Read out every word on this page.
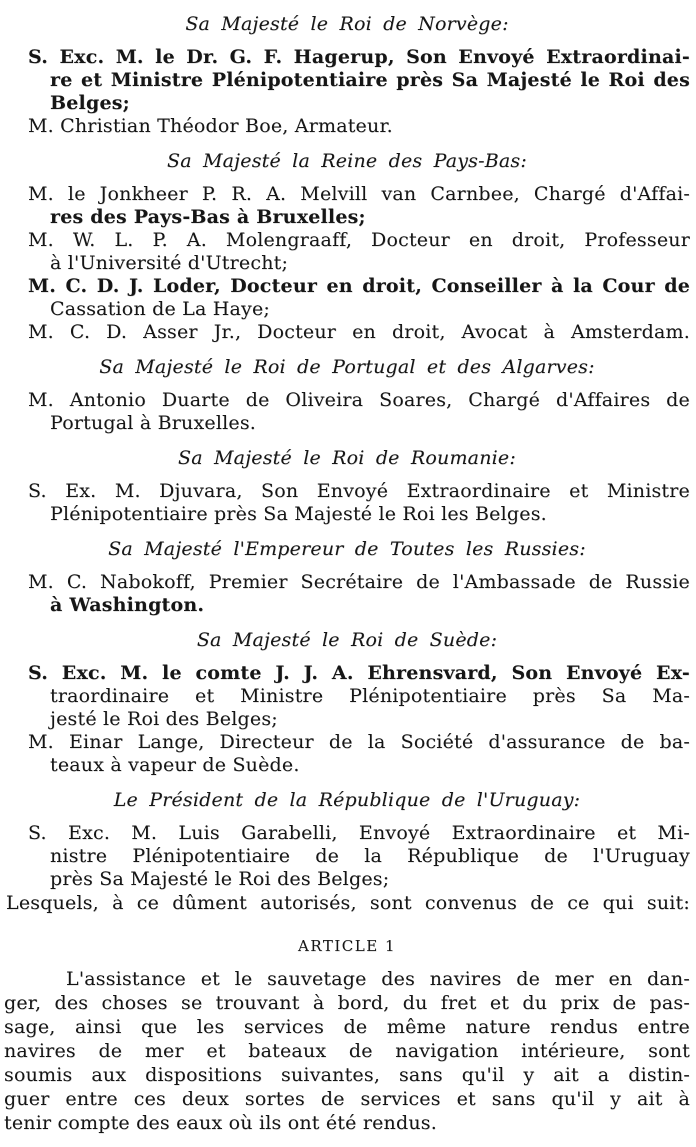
Sa Majesté le Roi de Norvège:
S. Exc. M. le Dr. G. F. Hagerup, Son Envoyé Extraordinai-
re et Ministre Plénipotentiaire près Sa Majesté le Roi des
Belges;
M. Christian Théodor Boe, Armateur.
Sa Majesté la Reine des Pays-Bas:
M. le Jonkheer P. R. A. Melvill van Carnbee, Chargé d'Affai-
res des Pays-Bas à Bruxelles;
M. W. L. P. A. Molengraaff, Docteur en droit, Professeur
à l'Université d'Utrecht;
M. C. D. J. Loder, Docteur en droit, Conseiller à la Cour de
Cassation de La Haye;
M. C. D. Asser Jr., Docteur en droit, Avocat à Amsterdam.
Sa Majesté le Roi de Portugal et des Algarves:
M. Antonio Duarte de Oliveira Soares, Chargé d'Affaires de
Portugal à Bruxelles.
Sa Majesté le Roi de Roumanie:
S. Ex. M. Djuvara, Son Envoyé Extraordinaire et Ministre
Plénipotentiaire près Sa Majesté le Roi les Belges.
Sa Majesté l'Empereur de Toutes les Russies:
M. C. Nabokoff, Premier Secrétaire de l'Ambassade de Russie
à Washington.
Sa Majesté le Roi de Suède:
S. Exc. M. le comte J. J. A. Ehrensvard, Son Envoyé Ex-
traordinaire et Ministre Plénipotentiaire près Sa Ma-
jesté le Roi des Belges;
M. Einar Lange, Directeur de la Société d'assurance de ba-
teaux à vapeur de Suède.
Le Président de la République de l'Uruguay:
S. Exc. M. Luis Garabelli, Envoyé Extraordinaire et Mi-
nistre Plénipotentiaire de la République de l'Uruguay
près Sa Majesté le Roi des Belges;
Lesquels, à ce dûment autorisés, sont convenus de ce qui suit:
ARTICLE 1
L'assistance et le sauvetage des navires de mer en dan-
ger, des choses se trouvant à bord, du fret et du prix de pas-
sage, ainsi que les services de même nature rendus entre
navires de mer et bateaux de navigation intérieure, sont
soumis aux dispositions suivantes, sans qu'il y ait a distin-
guer entre ces deux sortes de services et sans qu'il y ait à
tenir compte des eaux où ils ont été rendus.
